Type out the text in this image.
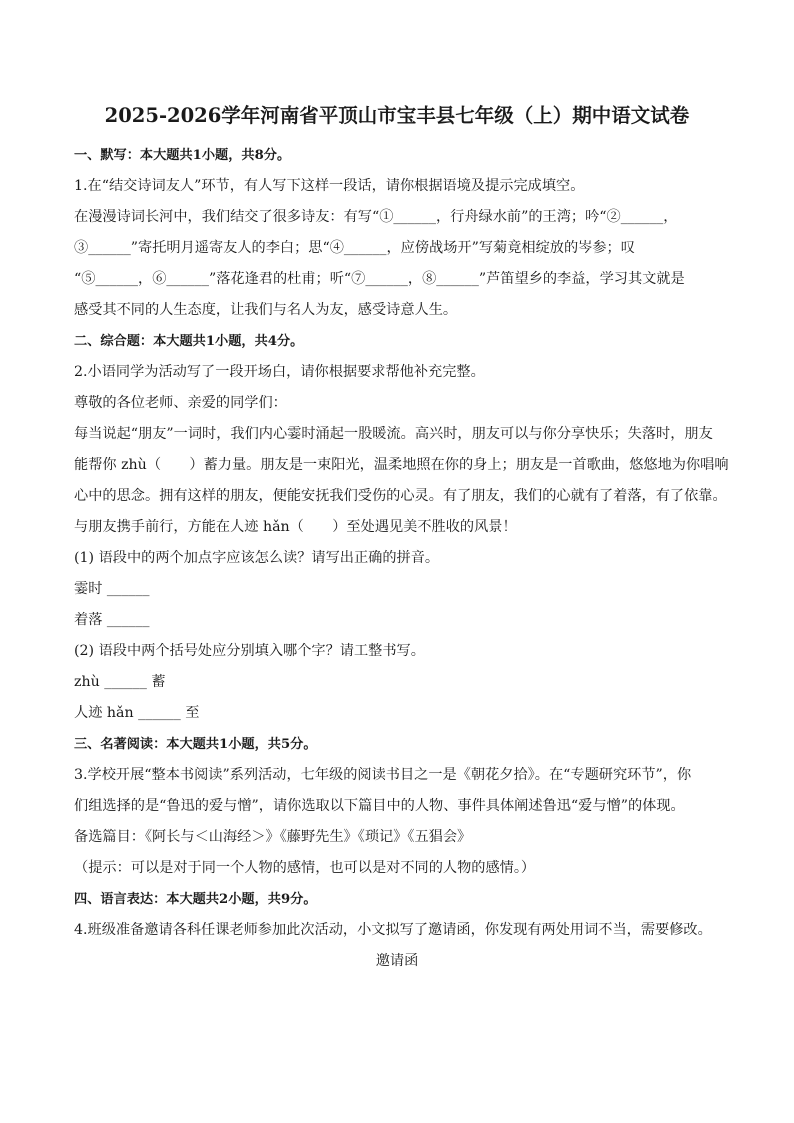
2025-2026学年河南省平顶山市宝丰县七年级（上）期中语文试卷
一、默写：本大题共1小题，共8分。
1.在“结交诗词友人”环节，有人写下这样一段话，请你根据语境及提示完成填空。
在漫漫诗词长河中，我们结交了很多诗友：有写“①______，行舟绿水前”的王湾；吟“②______，
③______”寄托明月遥寄友人的李白；思“④______，应傍战场开”写菊竟相绽放的岑参；叹
“⑤______，⑥______”落花逢君的杜甫；听“⑦______，⑧______”芦笛望乡的李益，学习其文就是
感受其不同的人生态度，让我们与名人为友，感受诗意人生。
二、综合题：本大题共1小题，共4分。
2.小语同学为活动写了一段开场白，请你根据要求帮他补充完整。
尊敬的各位老师、亲爱的同学们：
每当说起“朋友”一词时，我们内心霎时涌起一股暖流。高兴时，朋友可以与你分享快乐；失落时，朋友
能帮你 zhù（　　）蓄力量。朋友是一束阳光，温柔地照在你的身上；朋友是一首歌曲，悠悠地为你唱响
心中的思念。拥有这样的朋友，便能安抚我们受伤的心灵。有了朋友，我们的心就有了着落，有了依靠。
与朋友携手前行，方能在人迹 hǎn（　　）至处遇见美不胜收的风景！
(1) 语段中的两个加点字应该怎么读？请写出正确的拼音。
霎时 ______
着落 ______
(2) 语段中两个括号处应分别填入哪个字？请工整书写。
zhù ______ 蓄
人迹 hǎn ______ 至
三、名著阅读：本大题共1小题，共5分。
3.学校开展“整本书阅读”系列活动，七年级的阅读书目之一是《朝花夕拾》。在“专题研究环节”，你
们组选择的是“鲁迅的爱与憎”，请你选取以下篇目中的人物、事件具体阐述鲁迅“爱与憎”的体现。
备选篇目：《阿长与＜山海经＞》《藤野先生》《琐记》《五猖会》
（提示：可以是对于同一个人物的感情，也可以是对不同的人物的感情。）
四、语言表达：本大题共2小题，共9分。
4.班级准备邀请各科任课老师参加此次活动，小文拟写了邀请函，你发现有两处用词不当，需要修改。
邀请函
